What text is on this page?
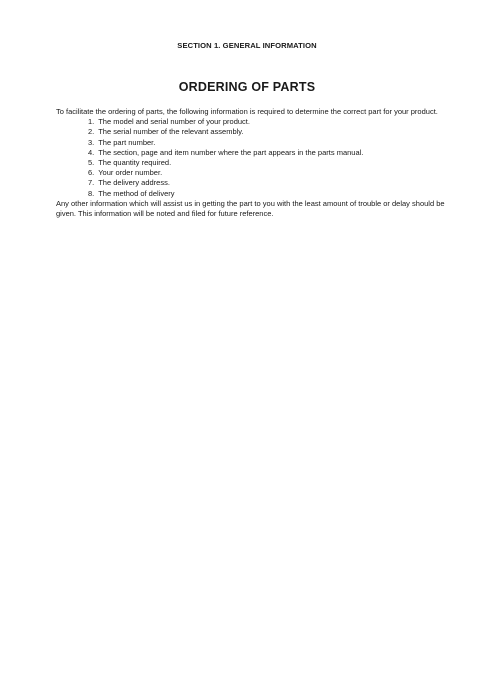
SECTION 1. GENERAL INFORMATION
ORDERING OF PARTS

To facilitate the ordering of parts, the following information is required to determine the correct part for your product.

1. The model and serial number of your product.
2. The serial number of the relevant assembly.
3. The part number.
4. The section, page and item number where the part appears in the parts manual.
5. The quantity required.
6. Your order number.
7. The delivery address.
8. The method of delivery

Any other information which will assist us in getting the part to you with the least amount of trouble or delay should be given. This information will be noted and filed for future reference.
